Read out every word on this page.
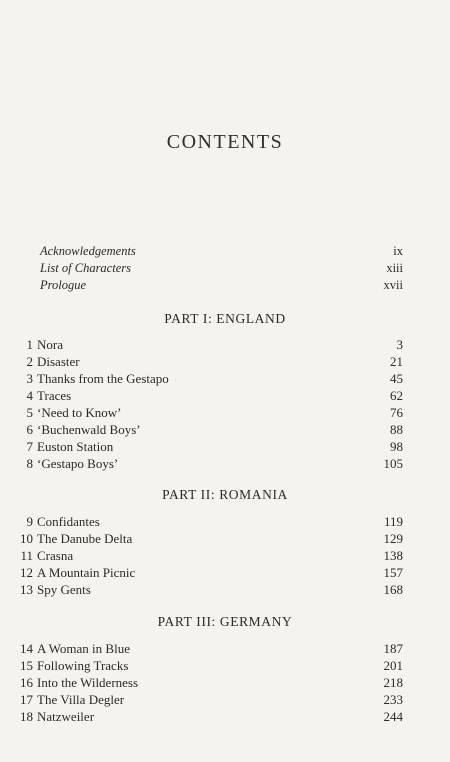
CONTENTS
Acknowledgements	ix
List of Characters	xiii
Prologue	xvii
PART I: ENGLAND
1 Nora	3
2 Disaster	21
3 Thanks from the Gestapo	45
4 Traces	62
5 ‘Need to Know’	76
6 ‘Buchenwald Boys’	88
7 Euston Station	98
8 ‘Gestapo Boys’	105
PART II: ROMANIA
9 Confidantes	119
10 The Danube Delta	129
11 Crasna	138
12 A Mountain Picnic	157
13 Spy Gents	168
PART III: GERMANY
14 A Woman in Blue	187
15 Following Tracks	201
16 Into the Wilderness	218
17 The Villa Degler	233
18 Natzweiler	244
